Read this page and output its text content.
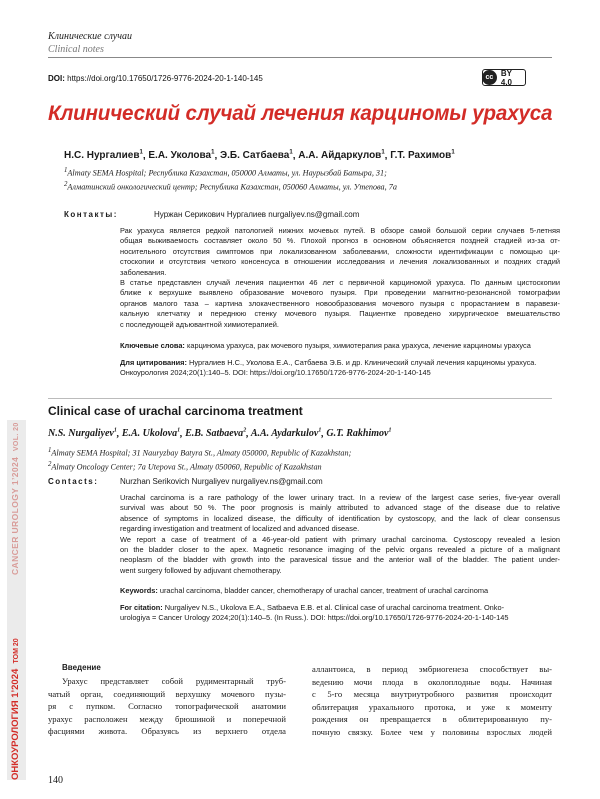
Клинические случаи
Clinical notes
DOI: https://doi.org/10.17650/1726-9776-2024-20-1-140-145	cc BY 4.0
Клинический случай лечения карциномы урахуса
Н.С. Нургалиев$^1$, Е.А. Уколова$^1$, Э.Б. Сатбаева$^1$, А.А. Айдаркулов$^1$, Г.Т. Рахимов$^1$
$^1$Almaty SEMA Hospital; Республика Казахстан, 050000 Алматы, ул. Наурызбай Батыра, 31;
$^2$Алматинский онкологический центр; Республика Казахстан, 050060 Алматы, ул. Утепова, 7а
Контакты:	Нуржан Серикович Нургалиев nurgaliyev.ns@gmail.com
Рак урахуса является редкой патологией нижних мочевых путей. В обзоре самой большой серии случаев 5-летняя
общая выживаемость составляет около 50 %. Плохой прогноз в основном объясняется поздней стадией из-за от-
носительного отсутствия симптомов при локализованном заболевании, сложности идентификации с помощью ци-
стоскопии и отсутствия четкого консенсуса в отношении исследования и лечения локализованных и поздних стадий
заболевания.
В статье представлен случай лечения пациентки 46 лет с первичной карциномой урахуса. По данным цистоскопии
ближе к верхушке выявлено образование мочевого пузыря. При проведении магнитно-резонансной томографии
органов малого таза – картина злокачественного новообразования мочевого пузыря с прорастанием в паравези-
кальную клетчатку и переднюю стенку мочевого пузыря. Пациентке проведено хирургическое вмешательство
с последующей адъювантной химиотерапией.
Ключевые слова: карцинома урахуса, рак мочевого пузыря, химиотерапия рака урахуса, лечение карциномы урахуса
Для цитирования: Нургалиев Н.С., Уколова Е.А., Сатбаева Э.Б. и др. Клинический случай лечения карциномы урахуса.
Онкоурология 2024;20(1):140–5. DOI: https://doi.org/10.17650/1726-9776-2024-20-1-140-145
Clinical case of urachal carcinoma treatment
ОНКОУРОЛОГИЯ 1’2024  ТОМ 20
CANCER UROLOGY 1’2024  VOL. 20	N.S. Nurgaliyev$^1$, E.A. Ukolova$^1$, E.B. Satbaeva$^2$, A.A. Aydarkulov$^1$, G.T. Rakhimov$^1$
$^1$Almaty SEMA Hospital; 31 Nauryzbay Batyra St., Almaty 050000, Republic of Kazakhstan;
$^2$Almaty Oncology Center; 7a Utepova St., Almaty 050060, Republic of Kazakhstan
Contacts:	Nurzhan Serikovich Nurgaliyev nurgaliyev.ns@gmail.com
Urachal carcinoma is a rare pathology of the lower urinary tract. In a review of the largest case series, five-year overall
survival was about 50 %. The poor prognosis is mainly attributed to advanced stage of the disease due to relative
absence of symptoms in localized disease, the difficulty of identification by cystoscopy, and the lack of clear consensus
regarding investigation and treatment of localized and advanced disease.
We report a case of treatment of a 46-year-old patient with primary urachal carcinoma. Cystoscopy revealed a lesion
on the bladder closer to the apex. Magnetic resonance imaging of the pelvic organs revealed a picture of a malignant
neoplasm of the bladder with growth into the paravesical tissue and the anterior wall of the bladder. The patient under-
went surgery followed by adjuvant chemotherapy.
Keywords: urachal carcinoma, bladder cancer, chemotherapy of urachal cancer, treatment of urachal carcinoma
For citation: Nurgaliyev N.S., Ukolova E.A., Satbaeva E.B. et al. Clinical case of urachal carcinoma treatment. Onko-
urologiya = Cancer Urology 2024;20(1):140–5. (In Russ.). DOI: https://doi.org/10.17650/1726-9776-2024-20-1-140-145
Введение
Урахус представляет собой рудиментарный труб-
чатый орган, соединяющий верхушку мочевого пузы-
ря с пупком. Согласно топографической анатомии
урахус расположен между брюшиной и поперечной
фасциями живота. Образуясь из верхнего отдела
аллантоиса, в период эмбриогенеза способствует вы-
ведению мочи плода в околоплодные воды. Начиная
с 5-го месяца внутриутробного развития происходит
облитерация урахального протока, и уже к моменту
рождения он превращается в облитерированную пу-
почную связку. Более чем у половины взрослых людей
140
